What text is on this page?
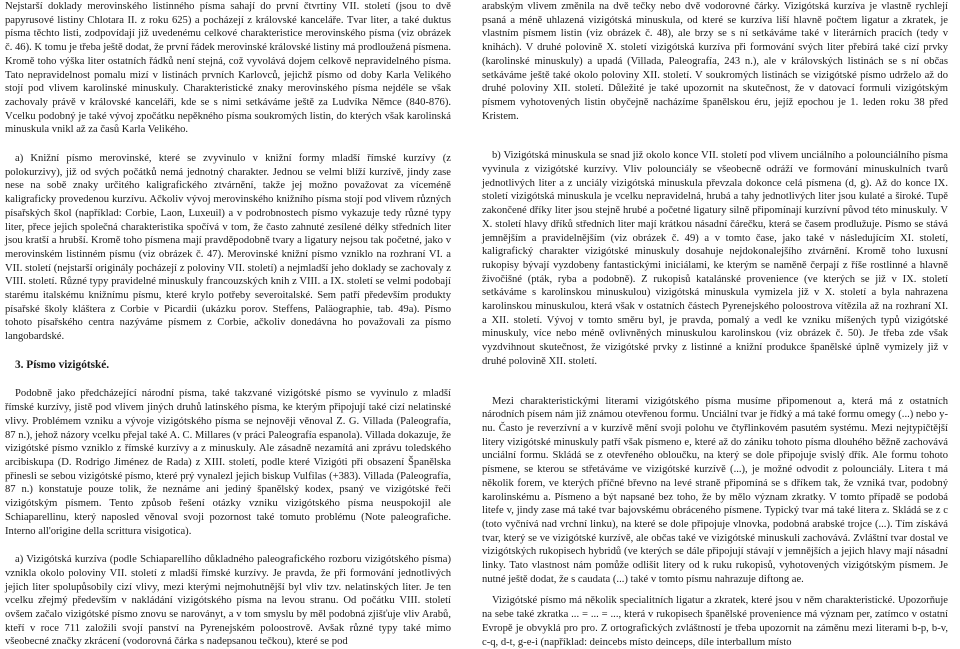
Nejstarší doklady merovinského listinného písma sahají do první čtvrtiny VII. století (jsou to dvě papyrusové listiny Chlotara II. z roku 625) a pocházejí z královské kanceláře. Tvar liter, a také duktus písma těchto listi, zodpovídají již uvedenému celkové charakteristice merovinského písma (viz obrázek č. 46). K tomu je třeba ještě dodat, že první řádek merovinské královské listiny má prodloužená písmena. Kromě toho výška liter ostatních řádků není stejná, což vyvolává dojem celkově nepravidelného písma. Tato nepravidelnost pomalu mizí v listinách prvních Karlovců, jejichž písmo od doby Karla Velikého stojí pod vlivem karolinské minuskuly. Charakteristické znaky merovinského písma nejdéle se však zachovaly právě v královské kanceláři, kde se s nimi setkáváme ještě za Ludvíka Němce (840-876). Vcelku podobný je také vývoj zpočátku nepěkného písma soukromých listin, do kterých však karolinská minuskula vnikl až za časů Karla Velikého.

a) Knižní písmo merovinské, které se zvyvinulo v knižní formy mladší římské kurzívy (z polokurzivy), již od svých počátků nemá jednotný charakter. Jednou se velmi blíží kurzívě, jindy zase nese na sobě znaky určitého kaligrafického ztvárnění, takže jej možno považovat za víceméně kaligraficky provedenou kurzívu. Ačkoliv vývoj merovinského knižního písma stojí pod vlivem různých písařských škol (například: Corbie, Laon, Luxeuil) a v podrobnostech písmo vykazuje tedy různé typy liter, přece jejich společná charakteristika spočívá v tom, že často zahnuté zesílené délky středních liter jsou kratší a hrubší. Kromě toho písmena mají pravděpodobně tvary a ligatury nejsou tak početné, jako v merovinském listinném písmu (viz obrázek č. 47). Merovinské knižní písmo vzniklo na rozhraní VI. a VII. století (nejstarší originály pocházejí z poloviny VII. století) a nejmladší jeho doklady se zachovaly z VIII. století. Různé typy pravidelné minuskuly francouzských knih z VIII. a IX. století se velmi podobají starému italskému knižnímu písmu, které krylo potřeby severoitalské. Sem patří především produkty písařské školy kláštera z Corbie v Picardii (ukázku porov. Steffens, Paläographie, tab. 49a). Písmo tohoto písařského centra nazýváme písmem z Corbie, ačkoliv donedávna ho považovali za písmo langobardské.

3. Písmo vizigótské.

Podobně jako předcházející národní písma, také takzvané vizigótské písmo se vyvinulo z mladší římské kurzívy, jistě pod vlivem jiných druhů latinského písma, ke kterým připojují také cizí nelatinské vlivy. Problémem vzniku a vývoje vizigótského písma se nejnověji věnoval Z. G. Villada (Paleografía, 87 n.), jehož názory vcelku přejal také A. C. Millares (v práci Paleografía espanola). Villada dokazuje, že vizigótské písmo vzniklo z římské kurzívy a z minuskuly. Ale zásadně nezamítá ani zprávu toledského arcibiskupa (D. Rodrigo Jiménez de Rada) z XIII. století, podle které Vizigóti při obsazení Španělska přinesli se sebou vizigótské písmo, které prý vynalezl jejich biskup Vulfilas (+383). Villada (Paleografía, 87 n.) konstatuje pouze tolik, že neznáme ani jediný španělský kodex, psaný ve vizigótské řeči vizigótským písmem. Tento způsob řešení otázky vzniku vizigótského písma neuspokojil ale Schiaparellinu, který naposled věnoval svoji pozornost také tomuto problému (Note paleografiche. Interno all'origine della scrittura visigotica).

a) Vizigótská kurzíva (podle Schiaparellího důkladného paleografického rozboru vizigótského písma) vznikla okolo poloviny VII. století z mladší římské kurzívy. Je pravda, že při formování jednotlivých jejich liter spolupůsobily cizí vlivy, mezi kterými nejmohutnější byl vliv tzv. nelatinských liter. Je ten vcelku zřejmý především v nakládání vizigótského písma na levou stranu. Od počátku VIII. století ovšem začalo vizigótské písmo znovu se naroványt, a v tom smyslu by měl podobná zjišťuje vliv Arabů, kteří v roce 711 založili svojí panství na Pyrenejském poloostrově. Avšak různé typy také mimo všeobecné značky zkrácení (vodorovná čárka s nadepsanou tečkou), které se pod

arabským vlivem změnila na dvě tečky nebo dvě vodorovné čárky. Vizigótská kurzíva je vlastně rychlejí psaná a méně uhlazená vizigótská minuskula, od které se kurzíva liší hlavně počtem ligatur a zkratek, je vlastním písmem listin (viz obrázek č. 48), ale brzy se s ní setkáváme také v literárních pracích (tedy v knihách). V druhé polovině X. století vizigótská kurzíva při formování svých liter přebírá také cizí prvky (karolinské minuskuly) a upadá (Villada, Paleografía, 243 n.), ale v královských listinách se s ní občas setkáváme ještě také okolo poloviny XII. století. V soukromých listinách se vizigótské písmo udrželo až do druhé poloviny XII. století. Důležité je také upozornit na skutečnost, že v datovací formuli vizigótským písmem vyhotovených listin obyčejně nacházíme španělskou éru, jejíž epochou je 1. leden roku 38 před Kristem.

b) Vizigótská minuskula se snad již okolo konce VII. století pod vlivem unciálního a polounciálního písma vyvinula z vizigótské kurzívy. Vliv polounciály se všeobecně odráží ve formování minuskulních tvarů jednotlivých liter a z unciály vizigótská minuskula převzala dokonce celá písmena (d, g). Až do konce IX. století vizigótská minuskula je vcelku nepravidelná, hrubá a tahy jednotlivých liter jsou kulaté a široké. Tupě zakončené dříky liter jsou stejně hrubé a početné ligatury silně připomínají kurzívní původ této minuskuly. V X. století hlavy dříků středních liter mají krátkou násadní čárečku, která se časem prodlužuje. Písmo se stává jemnějším a pravidelnějším (viz obrázek č. 49) a v tomto čase, jako také v následujícím XI. století, kaligrafický charakter vizigótské minuskuly dosahuje nejdokonalejšího ztvárnění. Kromě toho luxusní rukopisy bývají vyzdobeny fantastickými iniciálami, ke kterým se naměně čerpají z říše rostlinné a hlavně živočišné (pták, ryba a podobně). Z rukopisů katalánské provenience (ve kterých se již v IX. století setkáváme s karolinskou minuskulou) vizigótská minuskula vymizela již v X. století a byla nahrazena karolinskou minuskulou, která však v ostatních částech Pyrenejského poloostrova vítězila až na rozhraní XI. a XII. století. Vývoj v tomto směru byl, je pravda, pomalý a vedl ke vzniku míšených typů vizigótské minuskuly, více nebo méně ovlivněných minuskulou karolinskou (viz obrázek č. 50). Je třeba zde však vyzdvihnout skutečnost, že vizigótské prvky z listinné a knižní produkce španělské úplně vymizely již v druhé polovině XII. století.

Mezi charakteristickými literami vizigótského písma musíme připomenout a, která má z ostatních národních písem nám již známou otevřenou formu. Unciální tvar je řídký a má také formu omegy (...) nebo y-nu. Často je reverzívní a v kurzívě mění svoji polohu ve čtyřlinkovém pasutém systému. Mezi nejtypičtější litery vizigótské minuskuly patří však písmeno e, které až do zániku tohoto písma dlouhého běžně zachovává unciální formu. Skládá se z otevřeného obloučku, na který se dole připojuje svislý dřík. Ale formu tohoto písmene, se kterou se střetáváme ve vizigótské kurzívě (...), je možné odvodit z polounciály. Litera t má několik forem, ve kterých příčné břevno na levé straně připomíná se s dříkem tak, že vzniká tvar, podobný karolinskému a. Písmeno a být napsané bez toho, že by mělo význam zkratky. V tomto případě se podobá litefe v, jindy zase má také tvar bajovskému obráceného písmene. Typický tvar má také litera z. Skládá se z c (toto vyčnívá nad vrchní linku), na které se dole připojuje vlnovka, podobná arabské trojce (...). Tím získává tvar, který se ve vizigótské kurzívě, ale občas také ve vizigótské minuskuli zachovává. Zvláštní tvar dostal ve vizigótských rukopisech hybridů (ve kterých se dále připojují stávají v jemnějších a jejich hlavy mají násadní linky. Tato vlastnost nám pomůže odlišit litery od k ruku rukopisů, vyhotovených vizigótským písmem. Je nutné ještě dodat, že s caudata (...) také v tomto písmu nahrazuje diftong ae.

Vizigótské písmo má několik specialitních ligatur a zkratek, které jsou v něm charakteristické. Upozorňuje na sebe také zkratka ... = ... = ..., která v rukopisech španělské provenience má význam per, zatímco v ostatní Evropě je obvyklá pro pro. Z ortografických zvláštností je třeba upozornit na záměnu mezi literami b-p, b-v, c-q, d-t, g-e-i (například: deincebs místo deinceps, díle interballum místo
